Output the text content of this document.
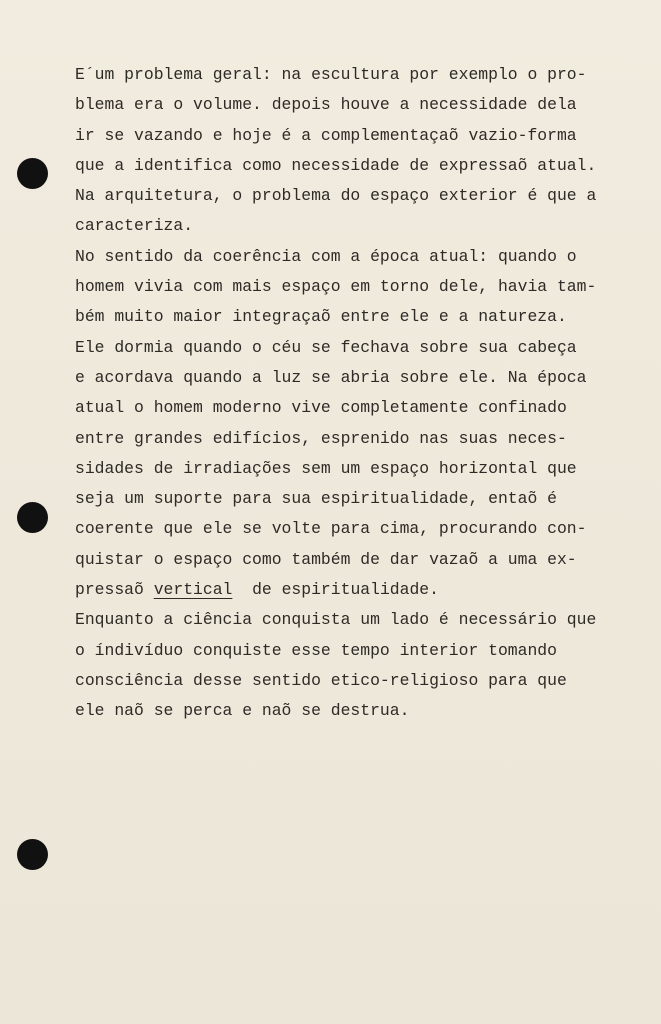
E´um problema geral: na escultura por exemplo o pro-
blema era o volume. depois houve a necessidade dela
ir se vazando e hoje é a complementaçaõ vazio-forma
que a identifica como necessidade de expressaõ atual.
Na arquitetura, o problema do espaço exterior é que a
caracteriza.
No sentido da coerência com a época atual: quando o
homem vivia com mais espaço em torno dele, havia tam-
bém muito maior integraçaõ entre ele e a natureza.
Ele dormia quando o céu se fechava sobre sua cabeça
e acordava quando a luz se abria sobre ele. Na época
atual o homem moderno vive completamente confinado
entre grandes edifícios, esprenido nas suas neces-
sidades de irradiações sem um espaço horizontal que
seja um suporte para sua espiritualidade, entaõ é
coerente que ele se volte para cima, procurando con-
quistar o espaço como também de dar vazaõ a uma ex-
pressaõ vertical  de espiritualidade.
Enquanto a ciência conquista um lado é necessário que
o índivíduo conquiste esse tempo interior tomando
consciência desse sentido etico-religioso para que
ele naõ se perca e naõ se destrua.
